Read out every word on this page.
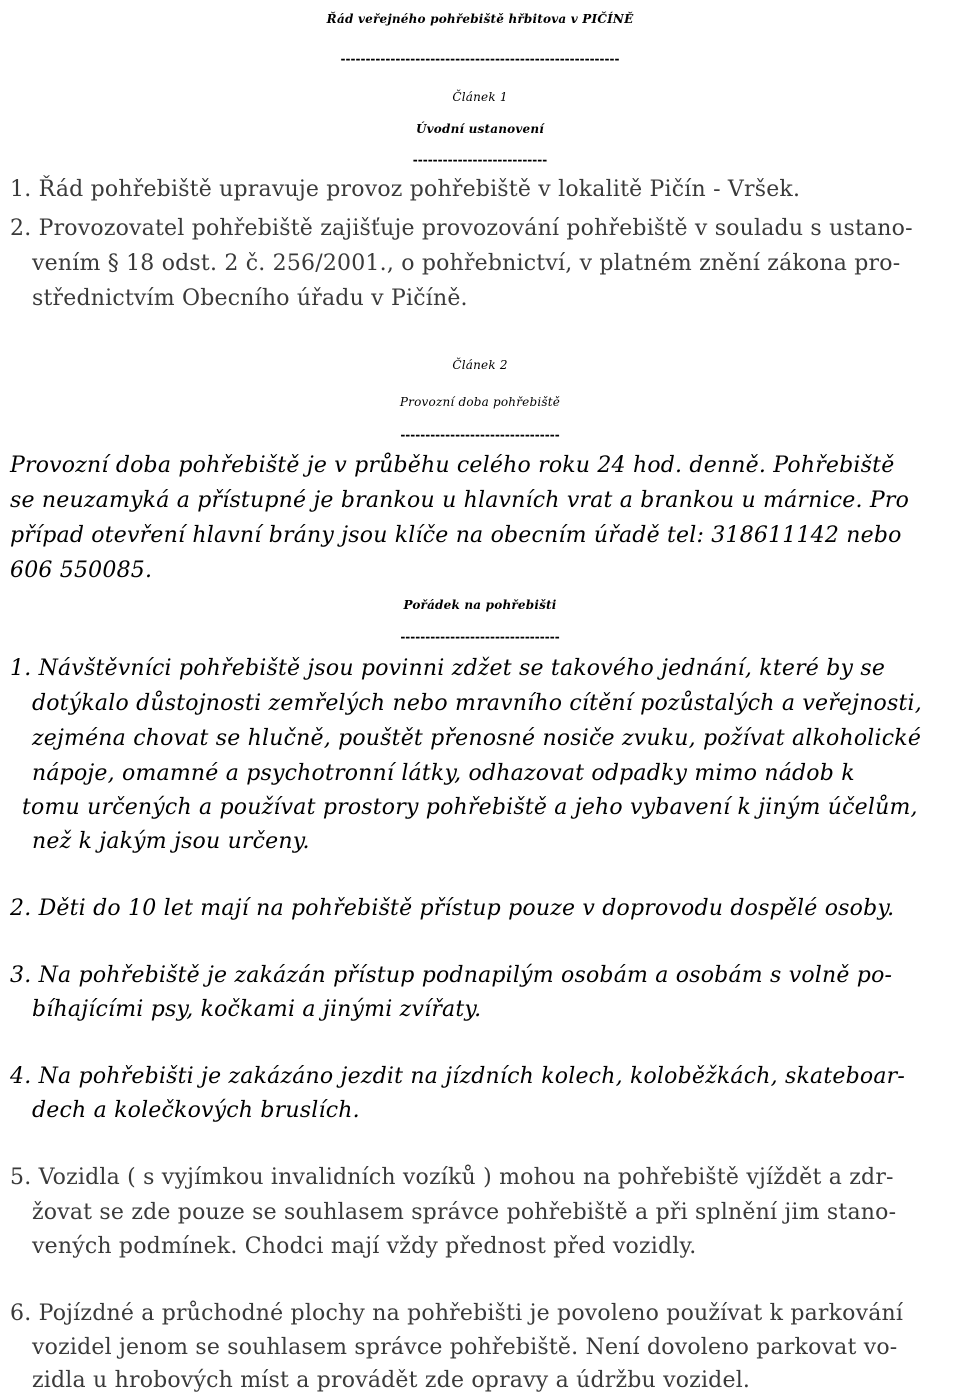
Řád veřejného pohřebiště hřbitova v PIČÍNĚ
--------------------------------------------------------
Článek 1
Úvodní ustanovení
---------------------------
1. Řád pohřebiště upravuje provoz pohřebiště v lokalitě Pičín - Vršek.
2. Provozovatel pohřebiště zajišťuje provozování pohřebiště v souladu s ustano-
vením § 18 odst. 2 č. 256/2001., o pohřebnictví, v platném znění zákona pro-
střednictvím Obecního úřadu v Pičíně.
Článek 2
Provozní doba pohřebiště
--------------------------------
Provozní doba pohřebiště je v průběhu celého roku 24 hod. denně. Pohřebiště
se neuzamyká a přístupné je brankou u hlavních vrat a brankou u márnice. Pro
případ otevření hlavní brány jsou klíče na obecním úřadě tel: 318611142 nebo
606 550085.
Pořádek na pohřebišti
--------------------------------
1. Návštěvníci pohřebiště jsou povinni zdžet se takového jednání, které by se
dotýkalo důstojnosti zemřelých nebo mravního cítění pozůstalých a veřejnosti,
zejména chovat se hlučně, pouštět přenosné nosiče zvuku, požívat alkoholické
nápoje, omamné a psychotronní látky, odhazovat odpadky mimo nádob k
tomu určených a používat prostory pohřebiště a jeho vybavení k jiným účelům,
než k jakým jsou určeny.
2. Děti do 10 let mají na pohřebiště přístup pouze v doprovodu dospělé osoby.
3. Na pohřebiště je zakázán přístup podnapilým osobám a osobám s volně po-
bíhajícími psy, kočkami a jinými zvířaty.
4. Na pohřebišti je zakázáno jezdit na jízdních kolech, koloběžkách, skateboar-
dech a kolečkových bruslích.
5. Vozidla ( s vyjímkou invalidních vozíků ) mohou na pohřebiště vjíždět a zdr-
žovat se zde pouze se souhlasem správce pohřebiště a při splnění jim stano-
vených podmínek. Chodci mají vždy přednost před vozidly.
6. Pojízdné a průchodné plochy na pohřebišti je povoleno používat k parkování
vozidel jenom se souhlasem správce pohřebiště. Není dovoleno parkovat vo-
zidla u hrobových míst a provádět zde opravy a údržbu vozidel.
